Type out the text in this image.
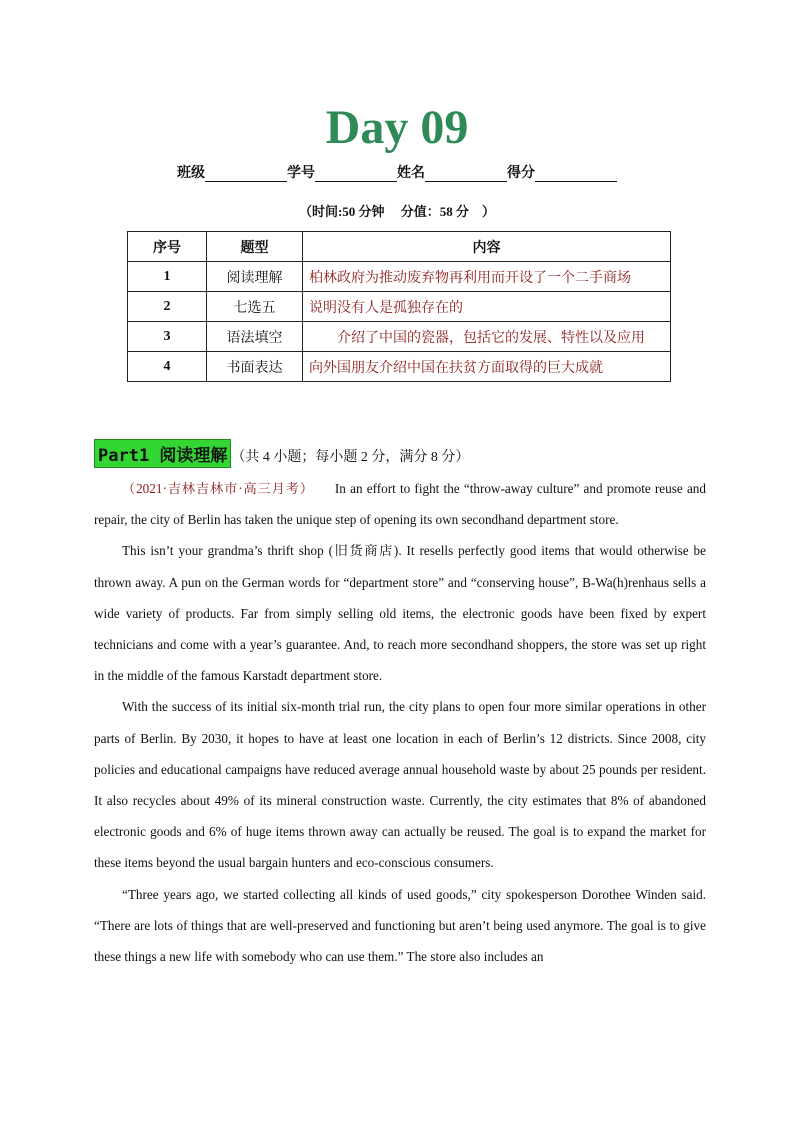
Day 09
班级	学号	姓名	得分
（时间:50 分钟　 分值：58 分　）
序号	题型	内容
1	阅读理解	柏林政府为推动废弃物再利用而开设了一个二手商场
2	七选五	说明没有人是孤独存在的
3	语法填空	　　介绍了中国的瓷器，包括它的发展、特性以及应用
4	书面表达	向外国朋友介绍中国在扶贫方面取得的巨大成就
Part1 阅读理解 （共 4 小题；每小题 2 分，满分 8 分）

（2021·吉林吉林市·高三月考） In an effort to fight the “throw-away culture” and promote reuse and repair, the city of Berlin has taken the unique step of opening its own secondhand department store.

This isn’t your grandma’s thrift shop (旧货商店). It resells perfectly good items that would otherwise be thrown away. A pun on the German words for “department store” and “conserving house”, B-Wa(h)renhaus sells a wide variety of products. Far from simply selling old items, the electronic goods have been fixed by expert technicians and come with a year’s guarantee. And, to reach more secondhand shoppers, the store was set up right in the middle of the famous Karstadt department store.

With the success of its initial six-month trial run, the city plans to open four more similar operations in other parts of Berlin. By 2030, it hopes to have at least one location in each of Berlin’s 12 districts. Since 2008, city policies and educational campaigns have reduced average annual household waste by about 25 pounds per resident. It also recycles about 49% of its mineral construction waste. Currently, the city estimates that 8% of abandoned electronic goods and 6% of huge items thrown away can actually be reused. The goal is to expand the market for these items beyond the usual bargain hunters and eco-conscious consumers.

“Three years ago, we started collecting all kinds of used goods,” city spokesperson Dorothee Winden said. “There are lots of things that are well-preserved and functioning but aren’t being used anymore. The goal is to give these things a new life with somebody who can use them.” The store also includes an
